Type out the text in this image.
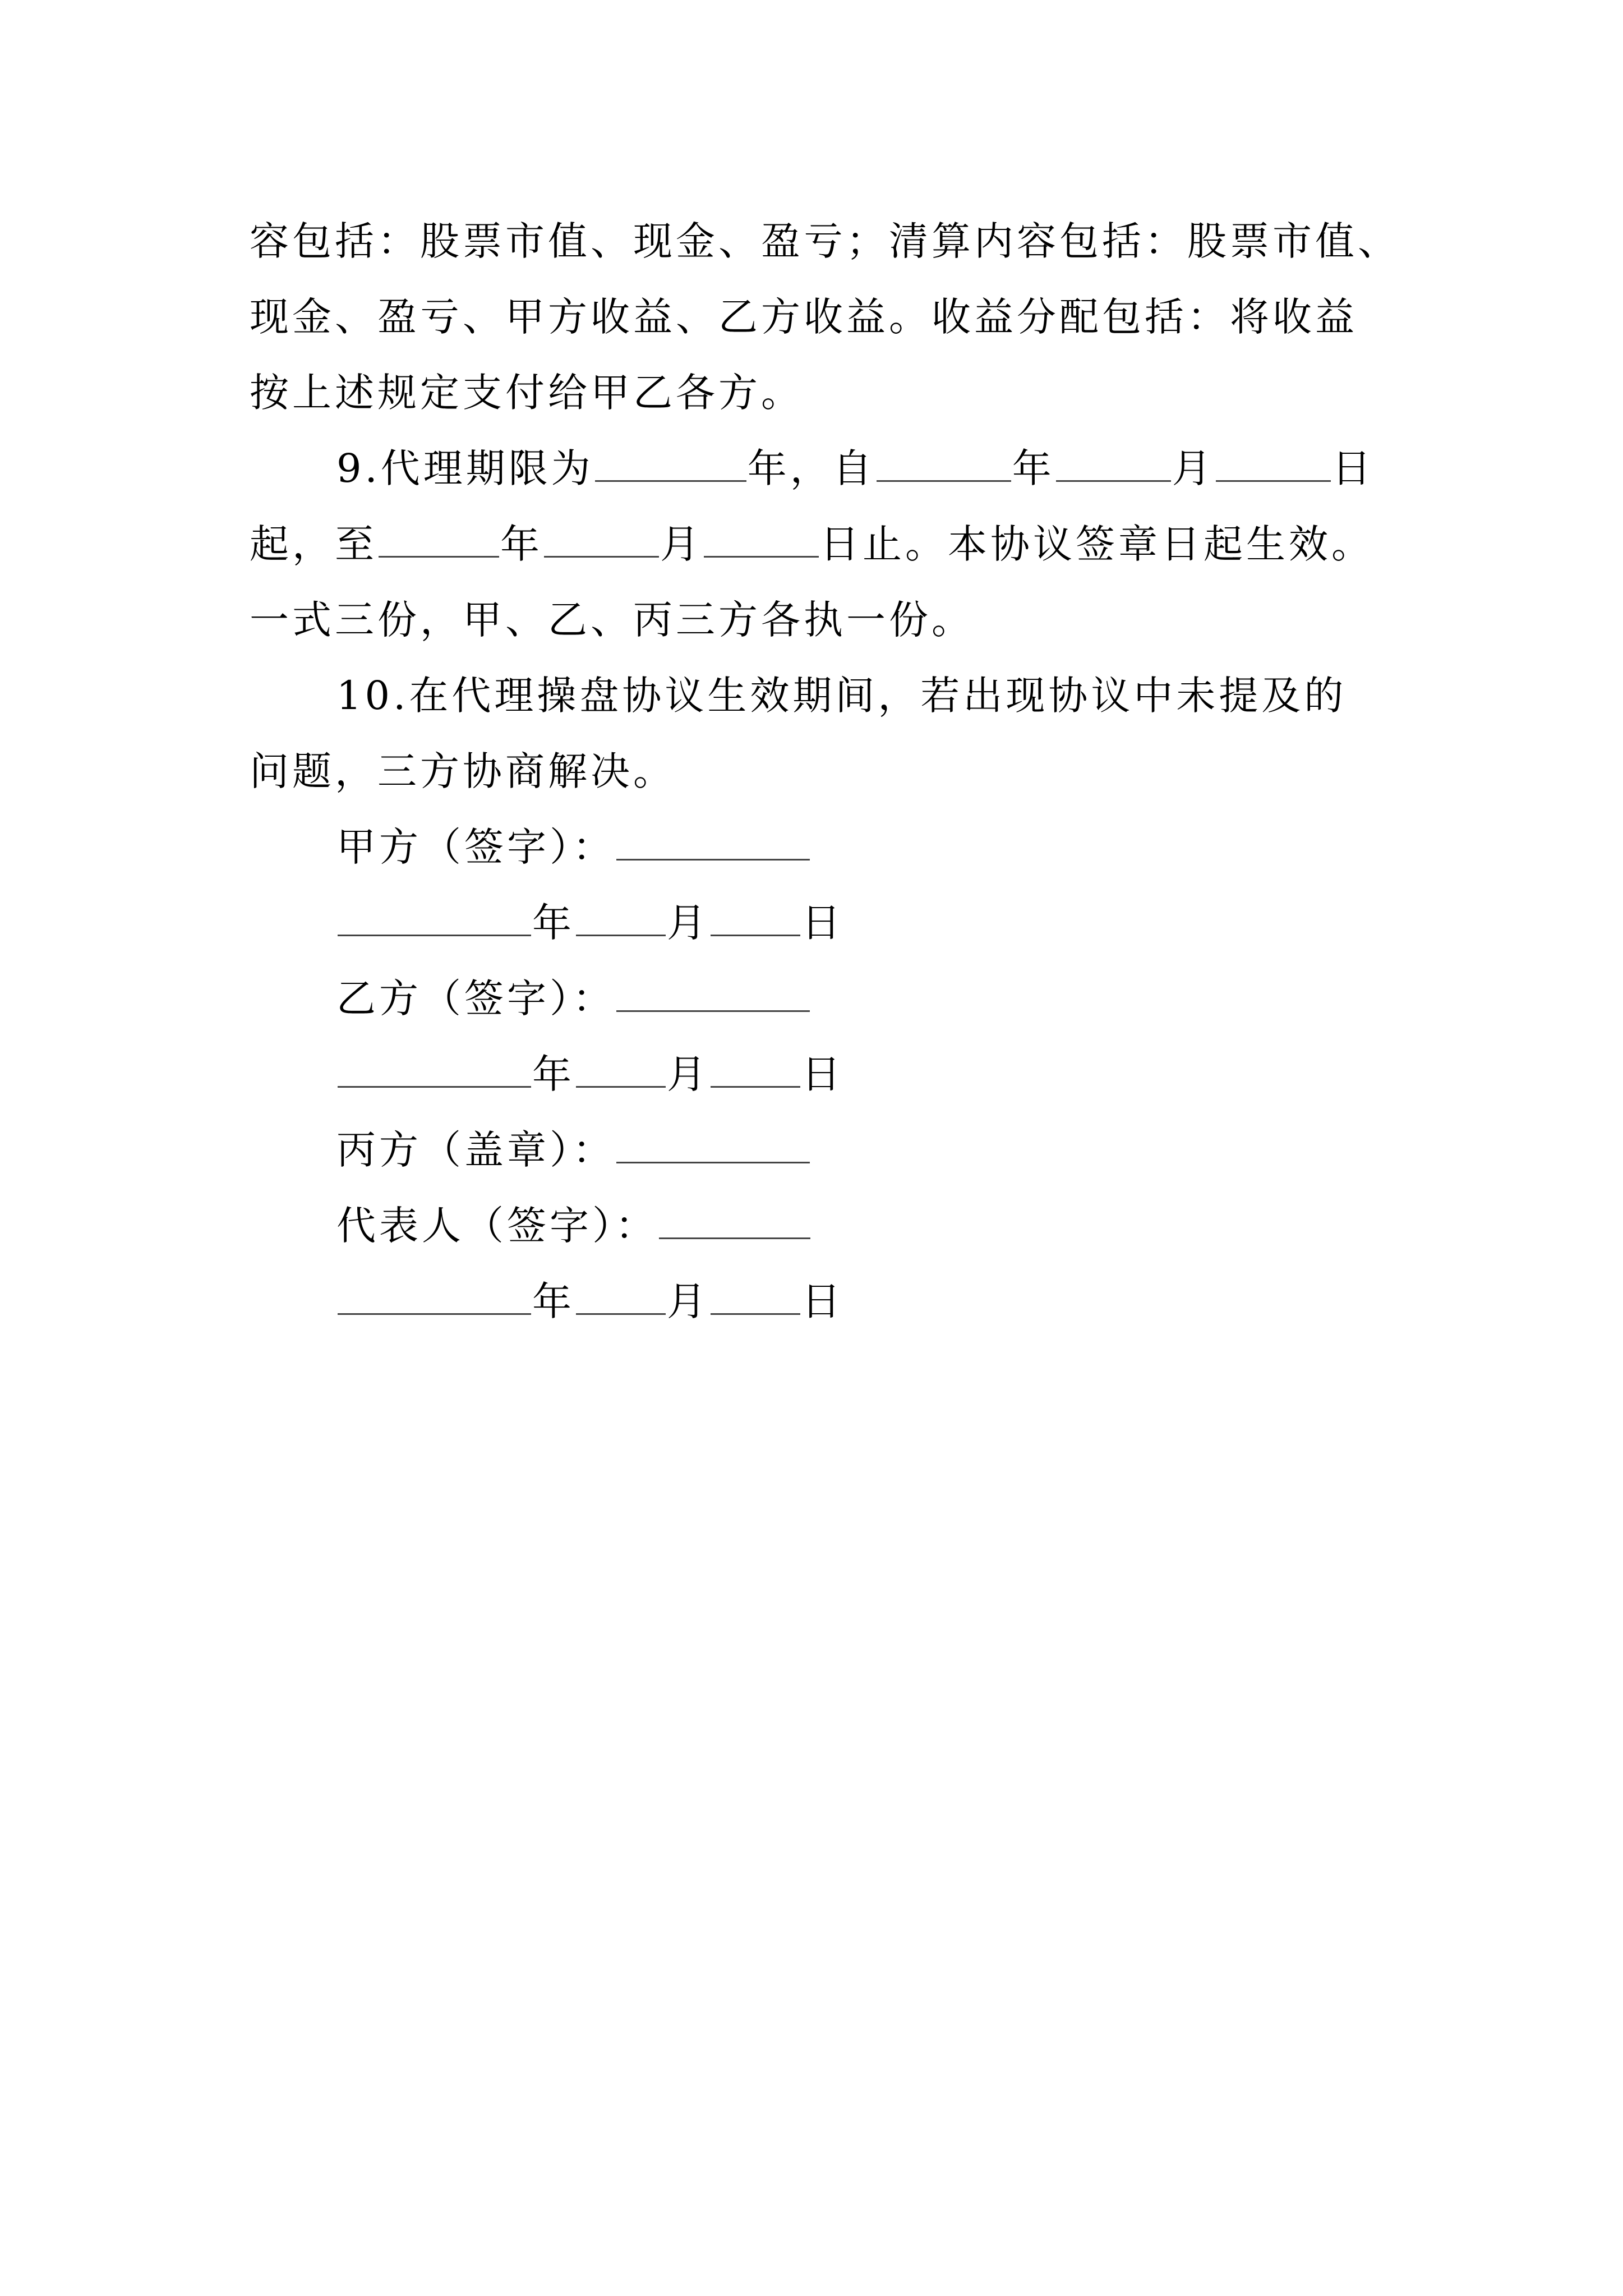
容包括：股票市值、现金、盈亏；清算内容包括：股票市值、
现金、盈亏、甲方收益、乙方收益。收益分配包括：将收益
按上述规定支付给甲乙各方。
9.代理期限为	年，自	年	月	日
起，至	年	月	日止。本协议签章日起生效。
一式三份，甲、乙、丙三方各执一份。
10.在代理操盘协议生效期间，若出现协议中未提及的
问题，三方协商解决。
甲方（签字）：
年 月 日
乙方（签字）：
年 月 日
丙方（盖章）：
代表人（签字）：
年 月 日
